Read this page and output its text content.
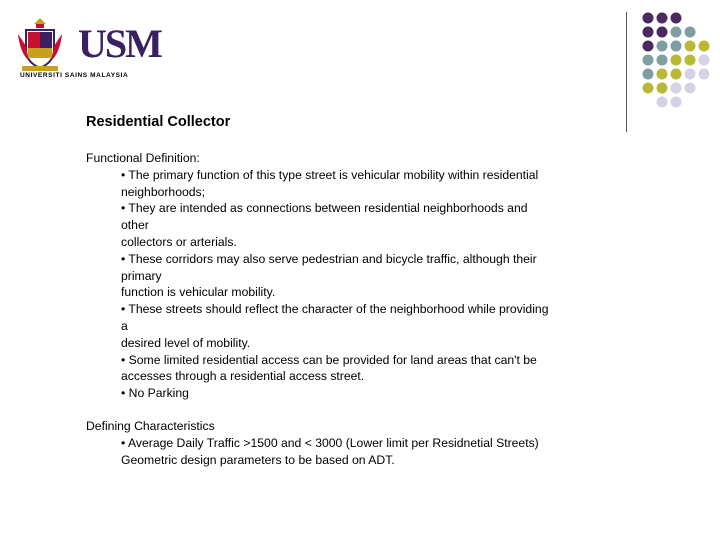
USM
UNIVERSITI SAINS MALAYSIA
Residential Collector
Functional Definition:
• The primary function of this type street is vehicular mobility within residential
neighborhoods;
• They are intended as connections between residential neighborhoods and
other
collectors or arterials.
• These corridors may also serve pedestrian and bicycle traffic, although their
primary
function is vehicular mobility.
• These streets should reflect the character of the neighborhood while providing
a
desired level of mobility.
• Some limited residential access can be provided for land areas that can't be
accesses through a residential access street.
• No Parking
Defining Characteristics
• Average Daily Traffic >1500 and < 3000 (Lower limit per Residnetial Streets)
Geometric design parameters to be based on ADT.
